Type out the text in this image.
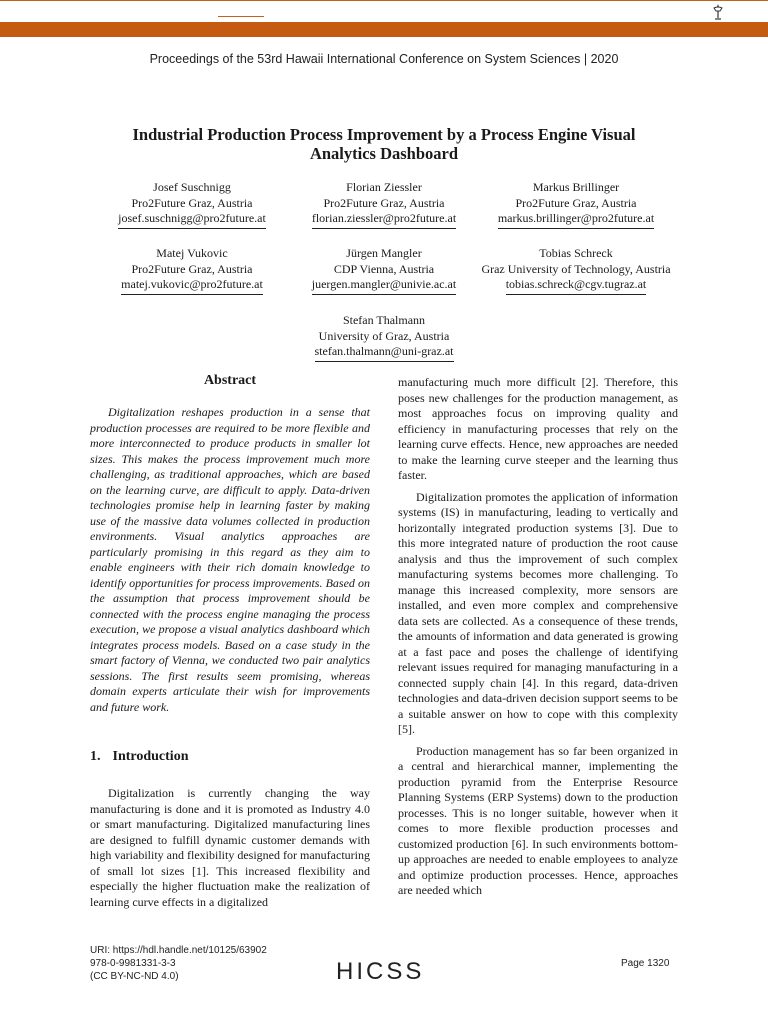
Proceedings of the 53rd Hawaii International Conference on System Sciences | 2020
Industrial Production Process Improvement by a Process Engine Visual
Analytics Dashboard
Josef Suschnigg
Pro2Future Graz, Austria
josef.suschnigg@pro2future.at
Florian Ziessler
Pro2Future Graz, Austria
florian.ziessler@pro2future.at
Markus Brillinger
Pro2Future Graz, Austria
markus.brillinger@pro2future.at
Matej Vukovic
Pro2Future Graz, Austria
matej.vukovic@pro2future.at
Jürgen Mangler
CDP Vienna, Austria
juergen.mangler@univie.ac.at
Tobias Schreck
Graz University of Technology, Austria
tobias.schreck@cgv.tugraz.at
Stefan Thalmann
University of Graz, Austria
stefan.thalmann@uni-graz.at
Abstract

Digitalization reshapes production in a sense that production processes are required to be more flexible and more interconnected to produce products in smaller lot sizes. This makes the process improvement much more challenging, as traditional approaches, which are based on the learning curve, are difficult to apply. Data-driven technologies promise help in learning faster by making use of the massive data volumes collected in production environments. Visual analytics approaches are particularly promising in this regard as they aim to enable engineers with their rich domain knowledge to identify opportunities for process improvements. Based on the assumption that process improvement should be connected with the process engine managing the process execution, we propose a visual analytics dashboard which integrates process models. Based on a case study in the smart factory of Vienna, we conducted two pair analytics sessions. The first results seem promising, whereas domain experts articulate their wish for improvements and future work.

1. Introduction

Digitalization is currently changing the way manufacturing is done and it is promoted as Industry 4.0 or smart manufacturing. Digitalized manufacturing lines are designed to fulfill dynamic customer demands with high variability and flexibility designed for manufacturing of small lot sizes [1]. This increased flexibility and especially the higher fluctuation make the realization of learning curve effects in a digitalized

manufacturing much more difficult [2]. Therefore, this poses new challenges for the production management, as most approaches focus on improving quality and efficiency in manufacturing processes that rely on the learning curve effects. Hence, new approaches are needed to make the learning curve steeper and the learning thus faster.

Digitalization promotes the application of information systems (IS) in manufacturing, leading to vertically and horizontally integrated production systems [3]. Due to this more integrated nature of production the root cause analysis and thus the improvement of such complex manufacturing systems becomes more challenging. To manage this increased complexity, more sensors are installed, and even more complex and comprehensive data sets are collected. As a consequence of these trends, the amounts of information and data generated is growing at a fast pace and poses the challenge of identifying relevant issues required for managing manufacturing in a connected supply chain [4]. In this regard, data-driven technologies and data-driven decision support seems to be a suitable answer on how to cope with this complexity [5].

Production management has so far been organized in a central and hierarchical manner, implementing the production pyramid from the Enterprise Resource Planning Systems (ERP Systems) down to the production processes. This is no longer suitable, however when it comes to more flexible production processes and customized production [6]. In such environments bottom-up approaches are needed to enable employees to analyze and optimize production processes. Hence, approaches are needed which

URI: https://hdl.handle.net/10125/63902
978-0-9981331-3-3
(CC BY-NC-ND 4.0)	HICSS	Page 1320
